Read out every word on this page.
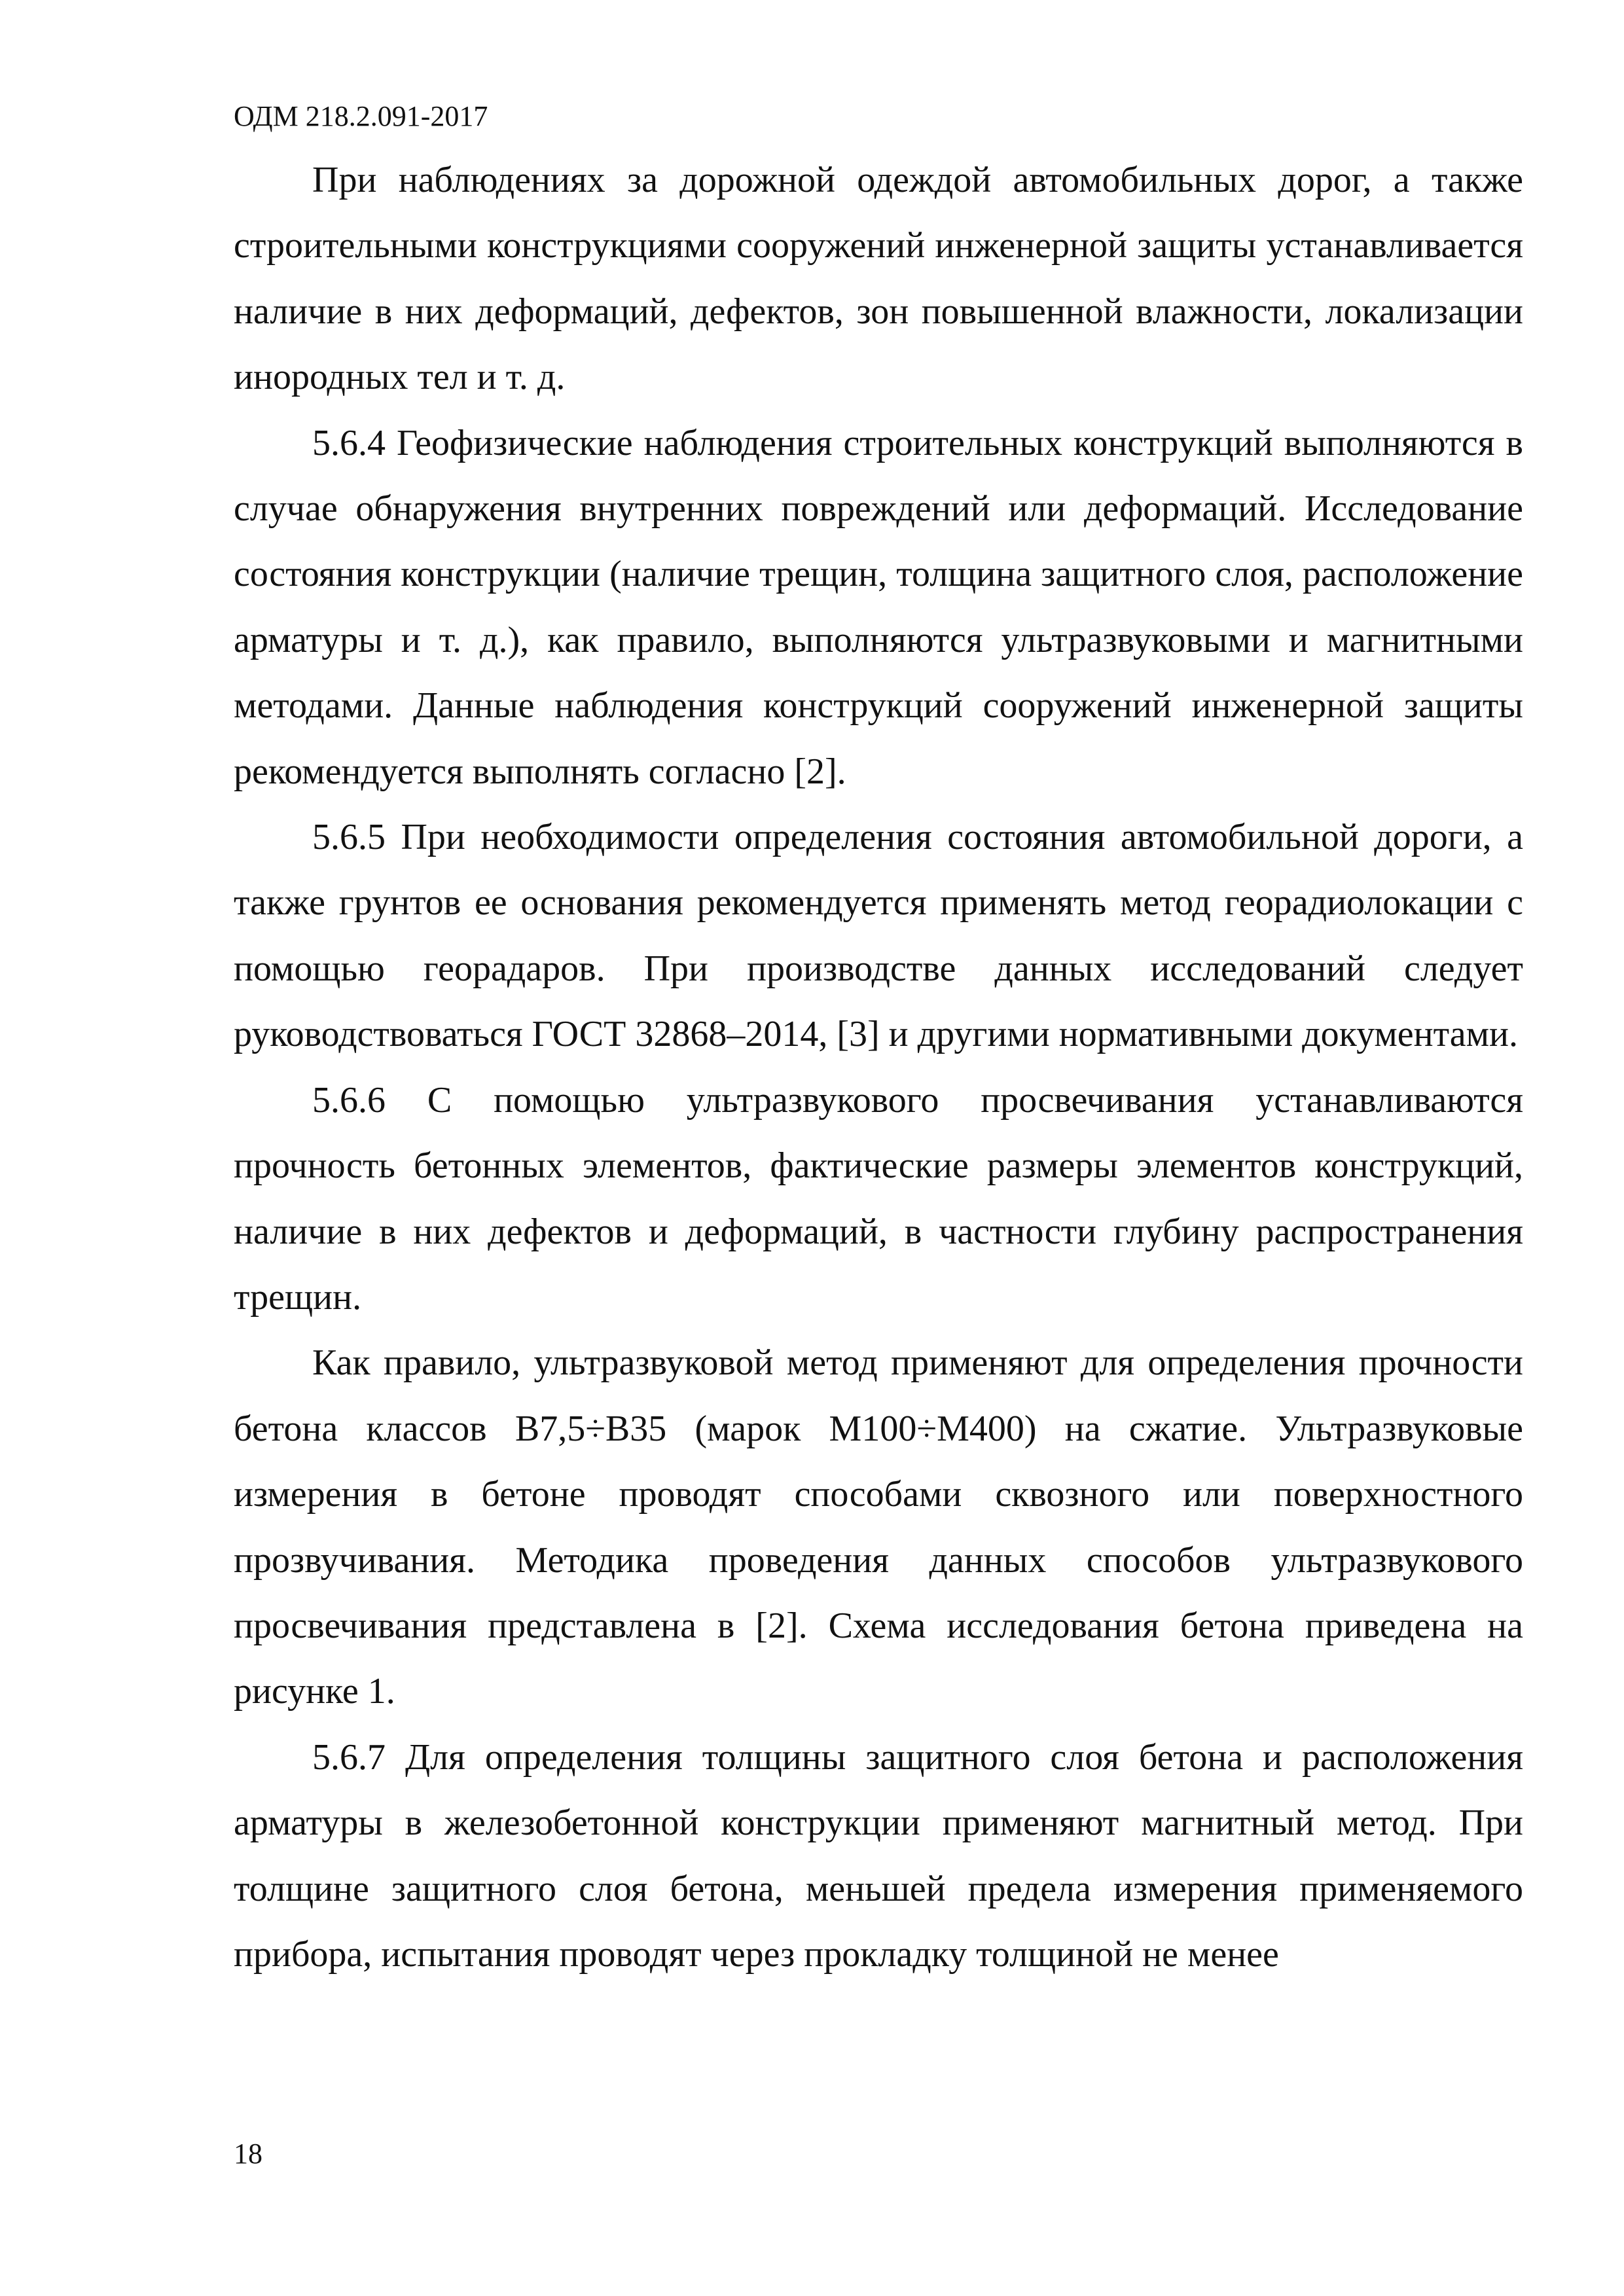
ОДМ 218.2.091-2017

При наблюдениях за дорожной одеждой автомобильных дорог, а также строительными конструкциями сооружений инженерной защиты устанавливается наличие в них деформаций, дефектов, зон повышенной влажности, локализации инородных тел и т. д.

5.6.4 Геофизические наблюдения строительных конструкций выполняются в случае обнаружения внутренних повреждений или деформаций. Исследование состояния конструкции (наличие трещин, толщина защитного слоя, расположение арматуры и т. д.), как правило, выполняются ультразвуковыми и магнитными методами. Данные наблюдения конструкций сооружений инженерной защиты рекомендуется выполнять согласно [2].

5.6.5 При необходимости определения состояния автомобильной дороги, а также грунтов ее основания рекомендуется применять метод георадиолокации с помощью георадаров. При производстве данных исследований следует руководствоваться ГОСТ 32868–2014, [3] и другими нормативными документами.

5.6.6 С помощью ультразвукового просвечивания устанавливаются прочность бетонных элементов, фактические размеры элементов конструкций, наличие в них дефектов и деформаций, в частности глубину распространения трещин.

Как правило, ультразвуковой метод применяют для определения прочности бетона классов В7,5÷В35 (марок М100÷М400) на сжатие. Ультразвуковые измерения в бетоне проводят способами сквозного или поверхностного прозвучивания. Методика проведения данных способов ультразвукового просвечивания представлена в [2]. Схема исследования бетона приведена на рисунке 1.

5.6.7 Для определения толщины защитного слоя бетона и расположения арматуры в железобетонной конструкции применяют магнитный метод. При толщине защитного слоя бетона, меньшей предела измерения применяемого прибора, испытания проводят через прокладку толщиной не менее

18
